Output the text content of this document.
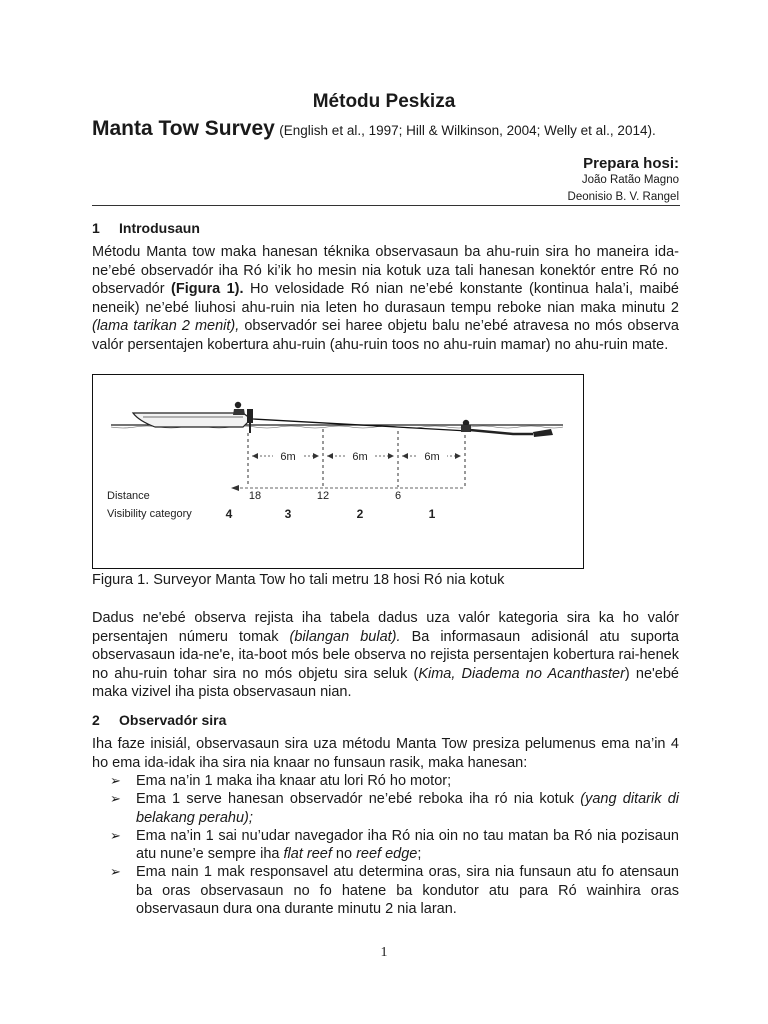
Métodu Peskiza
Manta Tow Survey (English et al., 1997; Hill & Wilkinson, 2004; Welly et al., 2014).
Prepara hosi:
João Ratão Magno
Deonisio B. V. Rangel
1 Introdusaun

Métodu Manta tow maka hanesan téknika observasaun ba ahu-ruin sira ho maneira ida-ne’ebé observadór iha Ró ki’ik ho mesin nia kotuk uza tali hanesan konektór entre Ró no observadór (Figura 1). Ho velosidade Ró nian ne’ebé konstante (kontinua hala’i, maibé neneik) ne’ebé liuhosi ahu-ruin nia leten ho durasaun tempu reboke nian maka minutu 2 (lama tarikan 2 menit), observadór sei haree objetu balu ne’ebé atravesa no mós observa valór persentajen kobertura ahu-ruin (ahu-ruin toos no ahu-ruin mamar) no ahu-ruin mate.

6m	6m	6m
Distance	18	12	6
Visibility category	4	3	2	1
Figura 1. Surveyor Manta Tow ho tali metru 18 hosi Ró nia kotuk

Dadus ne'ebé observa rejista iha tabela dadus uza valór kategoria sira ka ho valór persentajen númeru tomak (bilangan bulat). Ba informasaun adisionál atu suporta observasaun ida-ne'e, ita-boot mós bele observa no rejista persentajen kobertura rai-henek no ahu-ruin tohar sira no mós objetu sira seluk (Kima, Diadema no Acanthaster) ne'ebé maka vizivel iha pista observasaun nian.

2 Observadór sira

Iha faze inisiál, observasaun sira uza métodu Manta Tow presiza pelumenus ema na’in 4 ho ema ida-idak iha sira nia knaar no funsaun rasik, maka hanesan:

➢ Ema na’in 1 maka iha knaar atu lori Ró ho motor;
➢ Ema 1 serve hanesan observadór ne’ebé reboka iha ró nia kotuk (yang ditarik di belakang perahu);
➢ Ema na’in 1 sai nu’udar navegador iha Ró nia oin no tau matan ba Ró nia pozisaun atu nune’e sempre iha flat reef no reef edge;
➢ Ema nain 1 mak responsavel atu determina oras, sira nia funsaun atu fo atensaun ba oras observasaun no fo hatene ba kondutor atu para Ró wainhira oras observasaun dura ona durante minutu 2 nia laran.
1
